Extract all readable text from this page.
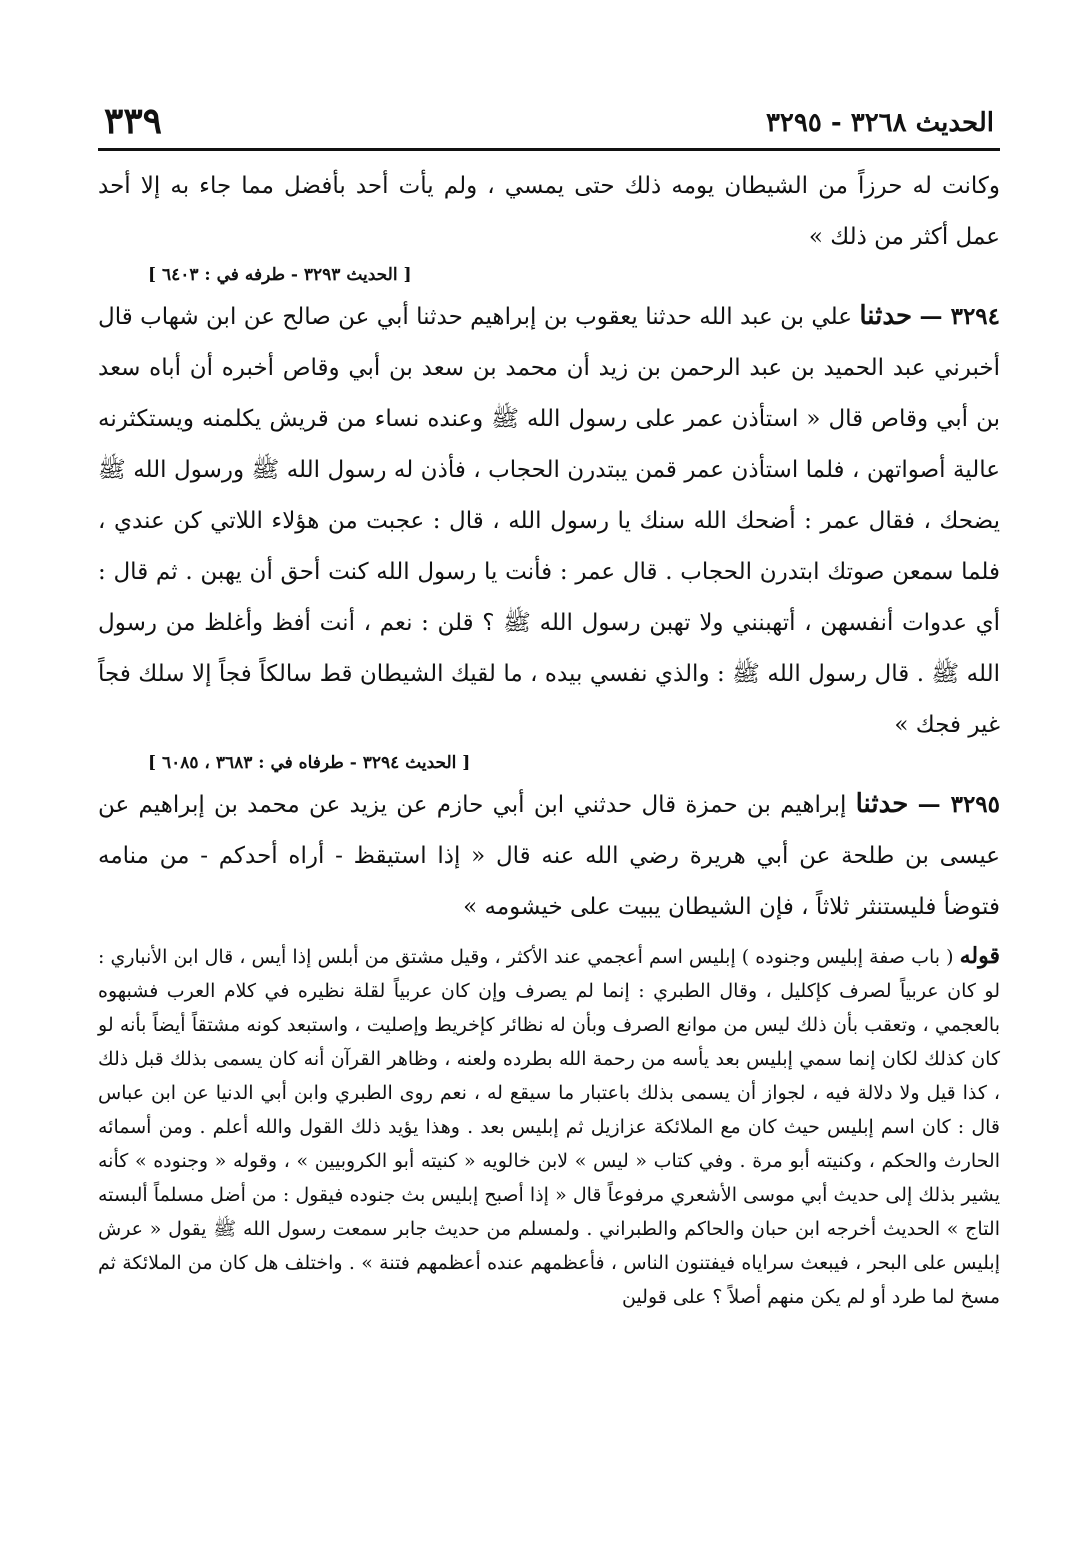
الحديث ٣٢٦٨ - ٣٢٩٥
٣٣٩

وكانت له حرزاً من الشيطان يومه ذلك حتى يمسي ، ولم يأت أحد بأفضل مما جاء به إلا أحد عمل أكثر من ذلك »

[ الحديث ٣٢٩٣ - طرفه في : ٦٤٠٣ ]

٣٢٩٤ — حدثنا علي بن عبد الله حدثنا يعقوب بن إبراهيم حدثنا أبي عن صالح عن ابن شهاب قال أخبرني عبد الحميد بن عبد الرحمن بن زيد أن محمد بن سعد بن أبي وقاص أخبره أن أباه سعد بن أبي وقاص قال « استأذن عمر على رسول الله ﷺ وعنده نساء من قريش يكلمنه ويستكثرنه عالية أصواتهن ، فلما استأذن عمر قمن يبتدرن الحجاب ، فأذن له رسول الله ﷺ ورسول الله ﷺ يضحك ، فقال عمر : أضحك الله سنك يا رسول الله ، قال : عجبت من هؤلاء اللاتي كن عندي ، فلما سمعن صوتك ابتدرن الحجاب . قال عمر : فأنت يا رسول الله كنت أحق أن يهبن . ثم قال : أي عدوات أنفسهن ، أتهبنني ولا تهبن رسول الله ﷺ ؟ قلن : نعم ، أنت أفظ وأغلظ من رسول الله ﷺ . قال رسول الله ﷺ : والذي نفسي بيده ، ما لقيك الشيطان قط سالكاً فجاً إلا سلك فجاً غير فجك »

[ الحديث ٣٢٩٤ - طرفاه في : ٣٦٨٣ ، ٦٠٨٥ ]

٣٢٩٥ — حدثنا إبراهيم بن حمزة قال حدثني ابن أبي حازم عن يزيد عن محمد بن إبراهيم عن عيسى بن طلحة عن أبي هريرة رضي الله عنه قال « إذا استيقظ - أراه أحدكم - من منامه فتوضأ فليستنثر ثلاثاً ، فإن الشيطان يبيت على خيشومه »

قوله ( باب صفة إبليس وجنوده ) إبليس اسم أعجمي عند الأكثر ، وقيل مشتق من أبلس إذا أيس ، قال ابن الأنباري : لو كان عربياً لصرف كإكليل ، وقال الطبري : إنما لم يصرف وإن كان عربياً لقلة نظيره في كلام العرب فشبهوه بالعجمي ، وتعقب بأن ذلك ليس من موانع الصرف وبأن له نظائر كإخريط وإصليت ، واستبعد كونه مشتقاً أيضاً بأنه لو كان كذلك لكان إنما سمي إبليس بعد يأسه من رحمة الله بطرده ولعنه ، وظاهر القرآن أنه كان يسمى بذلك قبل ذلك ، كذا قيل ولا دلالة فيه ، لجواز أن يسمى بذلك باعتبار ما سيقع له ، نعم روى الطبري وابن أبي الدنيا عن ابن عباس قال : كان اسم إبليس حيث كان مع الملائكة عزازيل ثم إبليس بعد . وهذا يؤيد ذلك القول والله أعلم . ومن أسمائه الحارث والحكم ، وكنيته أبو مرة . وفي كتاب « ليس » لابن خالويه « كنيته أبو الكروبيين » ، وقوله « وجنوده » كأنه يشير بذلك إلى حديث أبي موسى الأشعري مرفوعاً قال « إذا أصبح إبليس بث جنوده فيقول : من أضل مسلماً ألبسته التاج » الحديث أخرجه ابن حبان والحاكم والطبراني . ولمسلم من حديث جابر سمعت رسول الله ﷺ يقول « عرش إبليس على البحر ، فيبعث سراياه فيفتنون الناس ، فأعظمهم عنده أعظمهم فتنة » . واختلف هل كان من الملائكة ثم مسخ لما طرد أو لم يكن منهم أصلاً ؟ على قولين
